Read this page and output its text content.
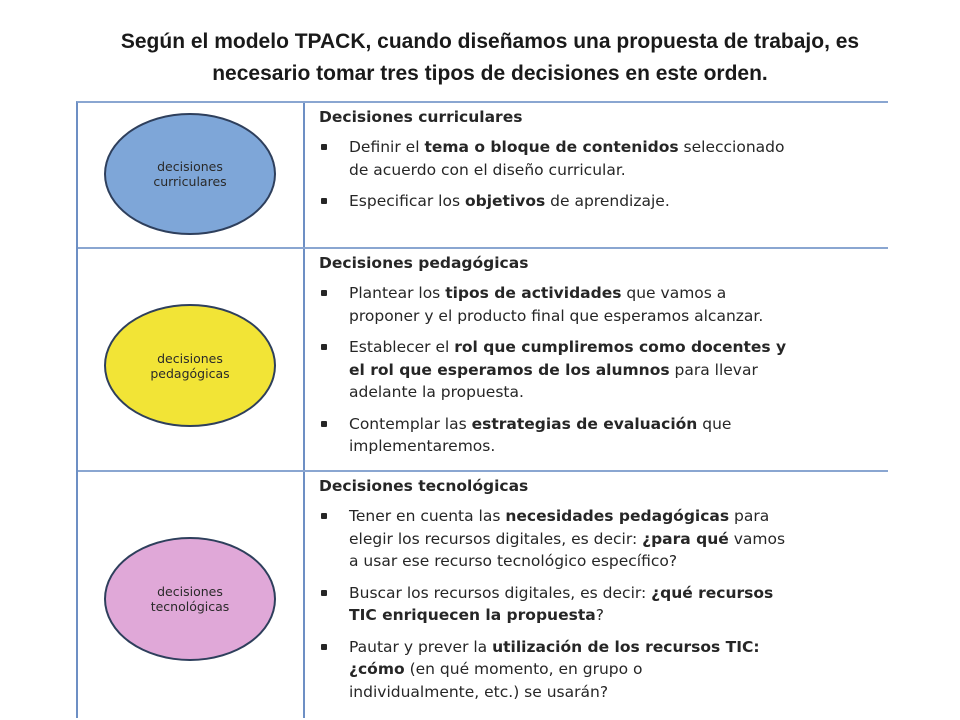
Según el modelo TPACK, cuando diseñamos una propuesta de trabajo, es
necesario tomar tres tipos de decisiones en este orden.
decisiones
curriculares
Decisiones curriculares
Definir el tema o bloque de contenidos seleccionado
de acuerdo con el diseño curricular.
Especificar los objetivos de aprendizaje.
decisiones
pedagógicas
Decisiones pedagógicas
Plantear los tipos de actividades que vamos a
proponer y el producto final que esperamos alcanzar.
Establecer el rol que cumpliremos como docentes y
el rol que esperamos de los alumnos para llevar
adelante la propuesta.
Contemplar las estrategias de evaluación que
implementaremos.
decisiones
tecnológicas
Decisiones tecnológicas
Tener en cuenta las necesidades pedagógicas para
elegir los recursos digitales, es decir: ¿para qué vamos
a usar ese recurso tecnológico específico?
Buscar los recursos digitales, es decir: ¿qué recursos
TIC enriquecen la propuesta?
Pautar y prever la utilización de los recursos TIC:
¿cómo (en qué momento, en grupo o
individualmente, etc.) se usarán?
